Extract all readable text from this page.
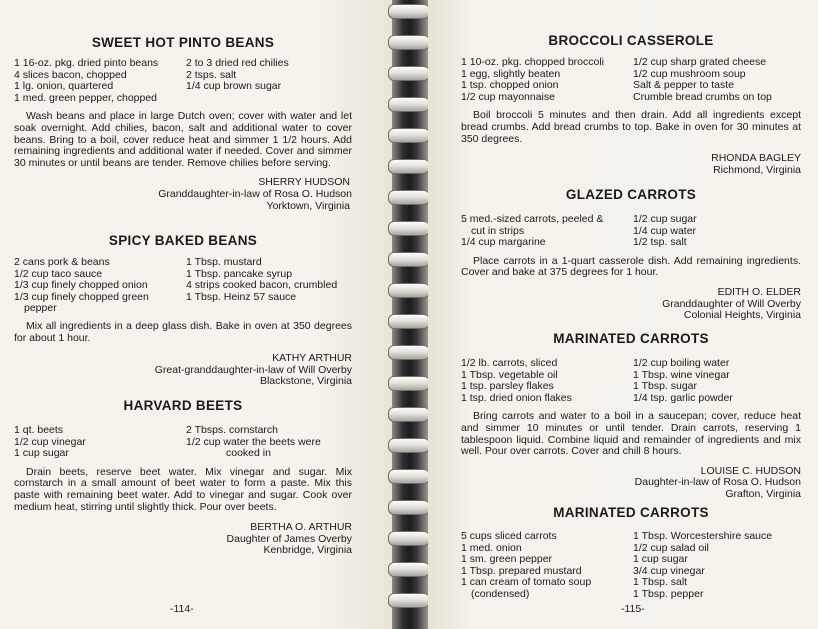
SWEET HOT PINTO BEANS
1 16-oz. pkg. dried pinto beans
4 slices bacon, chopped
1 lg. onion, quartered
1 med. green pepper, chopped
2 to 3 dried red chilies
2 tsps. salt
1/4 cup brown sugar

Wash beans and place in large Dutch oven; cover with water and let soak overnight. Add chilies, bacon, salt and additional water to cover beans. Bring to a boil, cover reduce heat and simmer 1 1/2 hours. Add remaining ingredients and additional water if needed. Cover and simmer 30 minutes or until beans are tender. Remove chilies before serving.

SHERRY HUDSON
Granddaughter-in-law of Rosa O. Hudson
Yorktown, Virginia
SPICY BAKED BEANS
2 cans pork & beans
1/2 cup taco sauce
1/3 cup finely chopped onion
1/3 cup finely chopped green
pepper
1 Tbsp. mustard
1 Tbsp. pancake syrup
4 strips cooked bacon, crumbled
1 Tbsp. Heinz 57 sauce

Mix all ingredients in a deep glass dish. Bake in oven at 350 degrees for about 1 hour.

KATHY ARTHUR
Great-granddaughter-in-law of Will Overby
Blackstone, Virginia
HARVARD BEETS
1 qt. beets
1/2 cup vinegar
1 cup sugar
2 Tbsps. cornstarch
1/2 cup water the beets were
cooked in

Drain beets, reserve beet water. Mix vinegar and sugar. Mix cornstarch in a small amount of beet water to form a paste. Mix this paste with remaining beet water. Add to vinegar and sugar. Cook over medium heat, stirring until slightly thick. Pour over beets.

BERTHA O. ARTHUR
Daughter of James Overby
Kenbridge, Virginia
-114-
BROCCOLI CASSEROLE
1 10-oz. pkg. chopped broccoli
1 egg, slightly beaten
1 tsp. chopped onion
1/2 cup mayonnaise
1/2 cup sharp grated cheese
1/2 cup mushroom soup
Salt & pepper to taste
Crumble bread crumbs on top

Boil broccoli 5 minutes and then drain. Add all ingredients except bread crumbs. Add bread crumbs to top. Bake in oven for 30 minutes at 350 degrees.

RHONDA BAGLEY
Richmond, Virginia
GLAZED CARROTS
5 med.-sized carrots, peeled &
cut in strips
1/4 cup margarine
1/2 cup sugar
1/4 cup water
1/2 tsp. salt

Place carrots in a 1-quart casserole dish. Add remaining ingredients. Cover and bake at 375 degrees for 1 hour.

EDITH O. ELDER
Granddaughter of Will Overby
Colonial Heights, Virginia
MARINATED CARROTS
1/2 lb. carrots, sliced
1 Tbsp. vegetable oil
1 tsp. parsley flakes
1 tsp. dried onion flakes
1/2 cup boiling water
1 Tbsp. wine vinegar
1 Tbsp. sugar
1/4 tsp. garlic powder

Bring carrots and water to a boil in a saucepan; cover, reduce heat and simmer 10 minutes or until tender. Drain carrots, reserving 1 tablespoon liquid. Combine liquid and remainder of ingredients and mix well. Pour over carrots. Cover and chill 8 hours.

LOUISE C. HUDSON
Daughter-in-law of Rosa O. Hudson
Grafton, Virginia
MARINATED CARROTS
5 cups sliced carrots
1 med. onion
1 sm. green pepper
1 Tbsp. prepared mustard
1 can cream of tomato soup
(condensed)
1 Tbsp. Worcestershire sauce
1/2 cup salad oil
1 cup sugar
3/4 cup vinegar
1 Tbsp. salt
1 Tbsp. pepper
-115-
